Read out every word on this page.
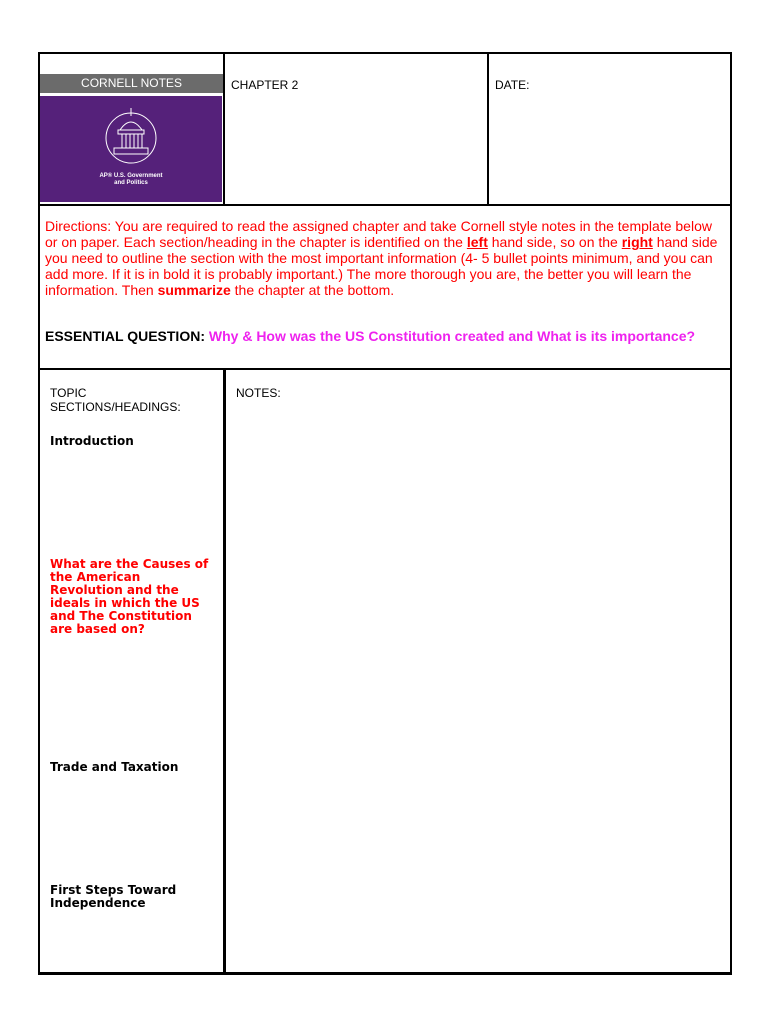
CORNELL NOTES
AP® U.S. Government
and Politics
CHAPTER 2	DATE:
Directions: You are required to read the assigned chapter and take Cornell style notes in the template below or on paper. Each section/heading in the chapter is identified on the left hand side, so on the right hand side you need to outline the section with the most important information (4- 5 bullet points minimum, and you can add more. If it is in bold it is probably important.) The more thorough you are, the better you will learn the information. Then summarize the chapter at the bottom.
ESSENTIAL QUESTION: Why & How was the US Constitution created and What is its importance?
TOPIC
SECTIONS/HEADINGS:
NOTES:
Introduction
What are the Causes of the American Revolution and the ideals in which the US and The Constitution are based on?
Trade and Taxation
First Steps Toward Independence
